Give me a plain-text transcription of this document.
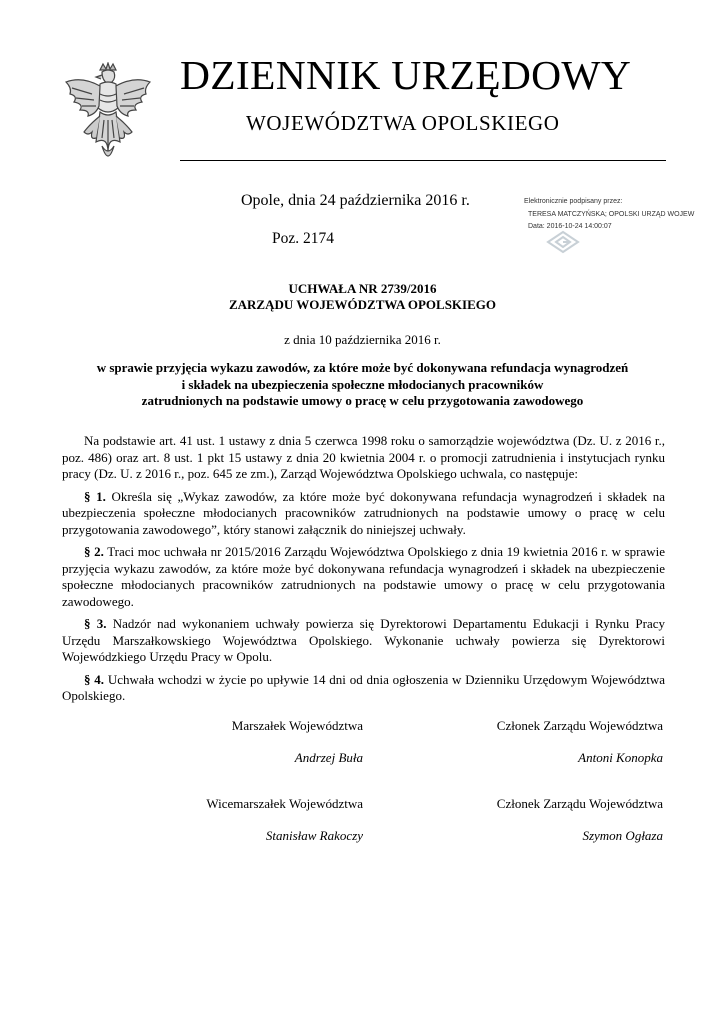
DZIENNIK URZĘDOWY
WOJEWÓDZTWA OPOLSKIEGO
Opole, dnia 24 października 2016 r.
Poz. 2174
Elektronicznie podpisany przez:
TERESA MATCZYŃSKA; OPOLSKI URZĄD WOJEW
Data: 2016-10-24 14:00:07
UCHWAŁA NR 2739/2016
ZARZĄDU WOJEWÓDZTWA OPOLSKIEGO
z dnia 10 października 2016 r.
w sprawie przyjęcia wykazu zawodów, za które może być dokonywana refundacja wynagrodzeń
i składek na ubezpieczenia społeczne młodocianych pracowników
zatrudnionych na podstawie umowy o pracę w celu przygotowania zawodowego

Na podstawie art. 41 ust. 1 ustawy z dnia 5 czerwca 1998 roku o samorządzie województwa (Dz. U. z 2016 r., poz. 486) oraz art. 8 ust. 1 pkt 15 ustawy z dnia 20 kwietnia 2004 r. o promocji zatrudnienia i instytucjach rynku pracy (Dz. U. z 2016 r., poz. 645 ze zm.), Zarząd Województwa Opolskiego uchwala, co następuje:

§ 1. Określa się „Wykaz zawodów, za które może być dokonywana refundacja wynagrodzeń i składek na ubezpieczenia społeczne młodocianych pracowników zatrudnionych na podstawie umowy o pracę w celu przygotowania zawodowego”, który stanowi załącznik do niniejszej uchwały.

§ 2. Traci moc uchwała nr 2015/2016 Zarządu Województwa Opolskiego z dnia 19 kwietnia 2016 r. w sprawie przyjęcia wykazu zawodów, za które może być dokonywana refundacja wynagrodzeń i składek na ubezpieczenie społeczne młodocianych pracowników zatrudnionych na podstawie umowy o pracę w celu przygotowania zawodowego.

§ 3. Nadzór nad wykonaniem uchwały powierza się Dyrektorowi Departamentu Edukacji i Rynku Pracy Urzędu Marszałkowskiego Województwa Opolskiego. Wykonanie uchwały powierza się Dyrektorowi Wojewódzkiego Urzędu Pracy w Opolu.

§ 4. Uchwała wchodzi w życie po upływie 14 dni od dnia ogłoszenia w Dzienniku Urzędowym Województwa Opolskiego.

Marszałek Województwa
Andrzej Buła
Członek Zarządu Województwa
Antoni Konopka
Wicemarszałek Województwa
Stanisław Rakoczy
Członek Zarządu Województwa
Szymon Ogłaza
